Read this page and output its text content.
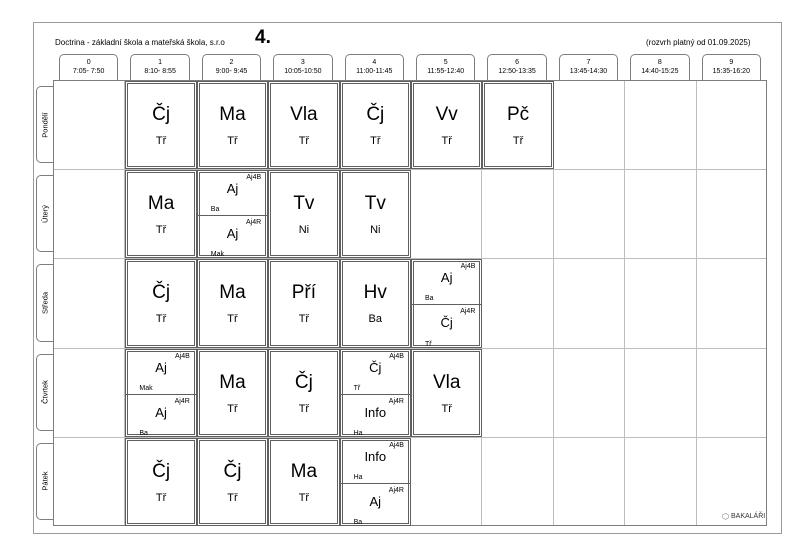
Doctrina - základní škola a mateřská škola, s.r.o 4.	(rozvrh platný od 01.09.2025)
0
7:05- 7:50
1
8:10- 8:55
2
9:00- 9:45
3
10:05-10:50
4
11:00-11:45
5
11:55-12:40
6
12:50-13:35
7
13:45-14:30
8
14:40-15:25
9
15:35-16:20
Pondělí
Úterý
Středa
Čtvrtek
Pátek
Čj
Tř
Ma
Tř
Vla
Tř
Čj
Tř
Vv
Tř
Pč
Tř
Ma
Tř
Aj4B
Aj
Ba
Aj4R
Aj
Mak
Tv
Ni
Tv
Ni
Čj
Tř
Ma
Tř
Pří
Tř
Hv
Ba
Aj4B
Aj
Ba
Aj4R
Čj
Tř
Aj4B
Aj
Mak
Aj4R
Aj
Ba
Ma
Tř
Čj
Tř
Aj4B
Čj
Tř
Aj4R
Info
Ha
Vla
Tř
Čj
Tř
Čj
Tř
Ma
Tř
Aj4B
Info
Ha
Aj4R
Aj
Ba
⬡ BAKALÁŘI
